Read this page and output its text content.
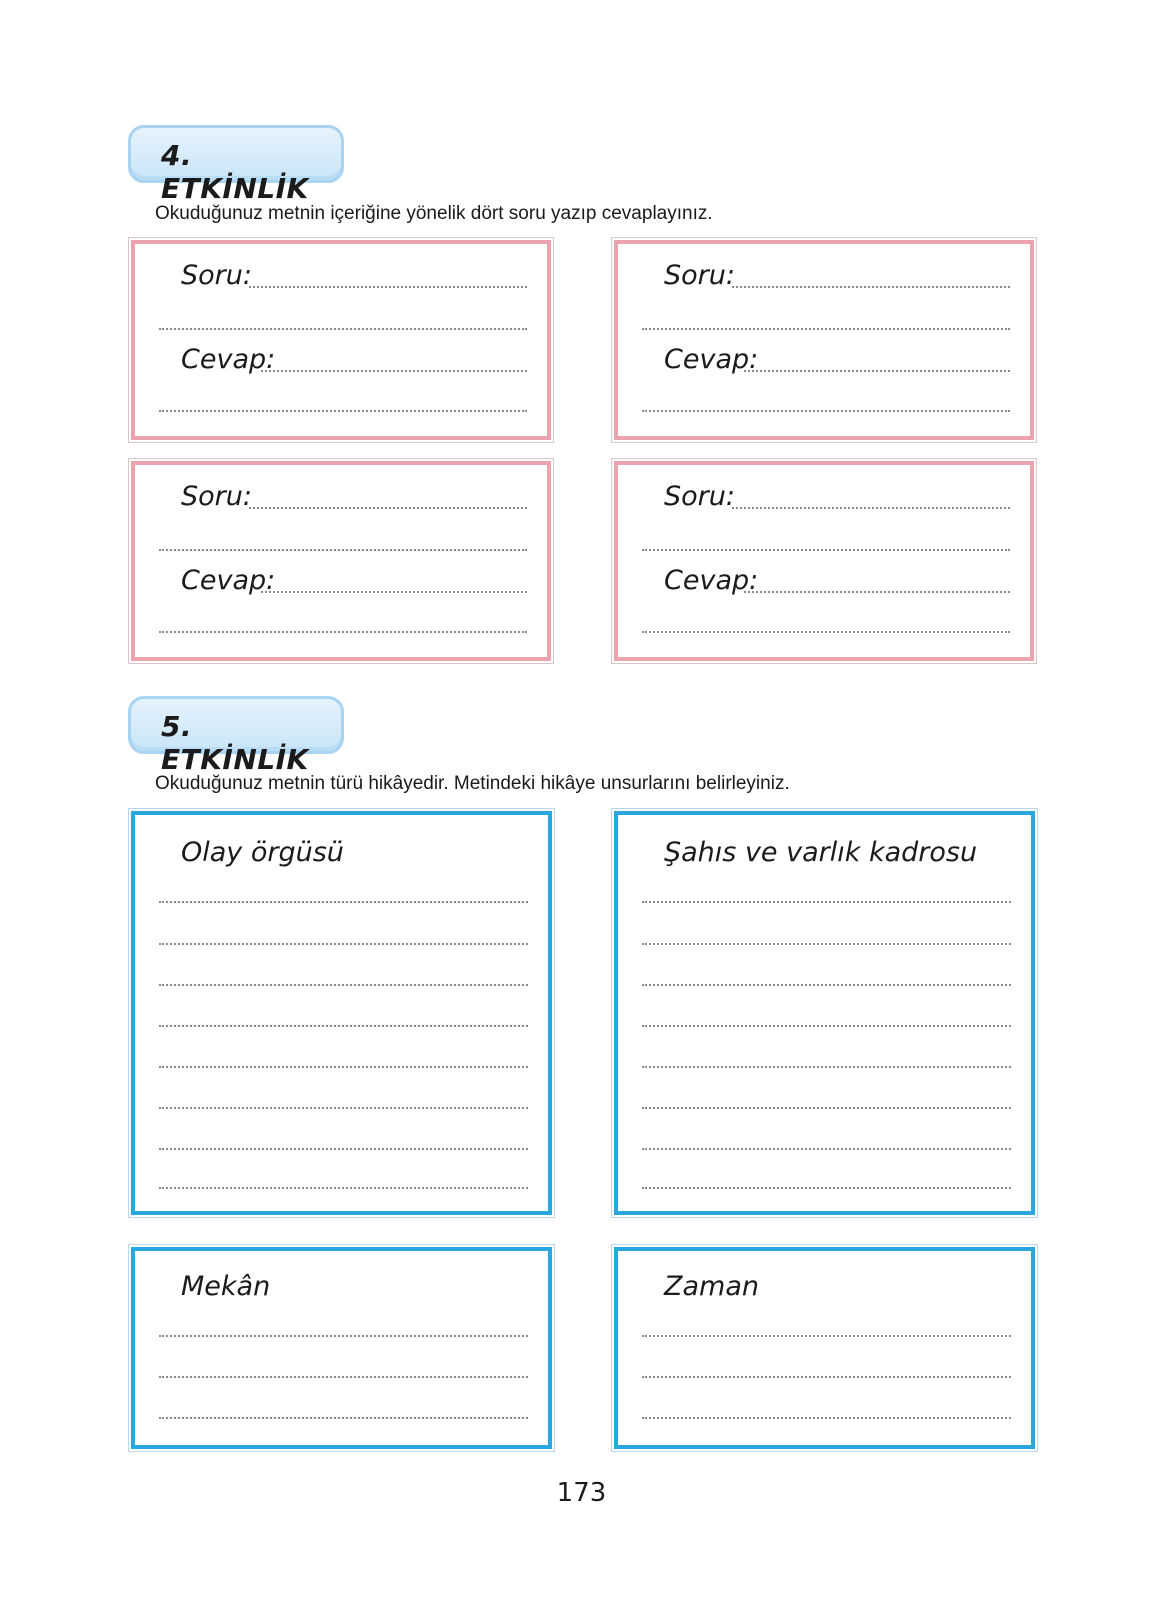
4. ETKİNLİK
Okuduğunuz metnin içeriğine yönelik dört soru yazıp cevaplayınız.
Soru:
Cevap:
Soru:
Cevap:
Soru:
Cevap:
Soru:
Cevap:
5. ETKİNLİK
Okuduğunuz metnin türü hikâyedir. Metindeki hikâye unsurlarını belirleyiniz.
Olay örgüsü	Şahıs ve varlık kadrosu
Mekân	Zaman
173
